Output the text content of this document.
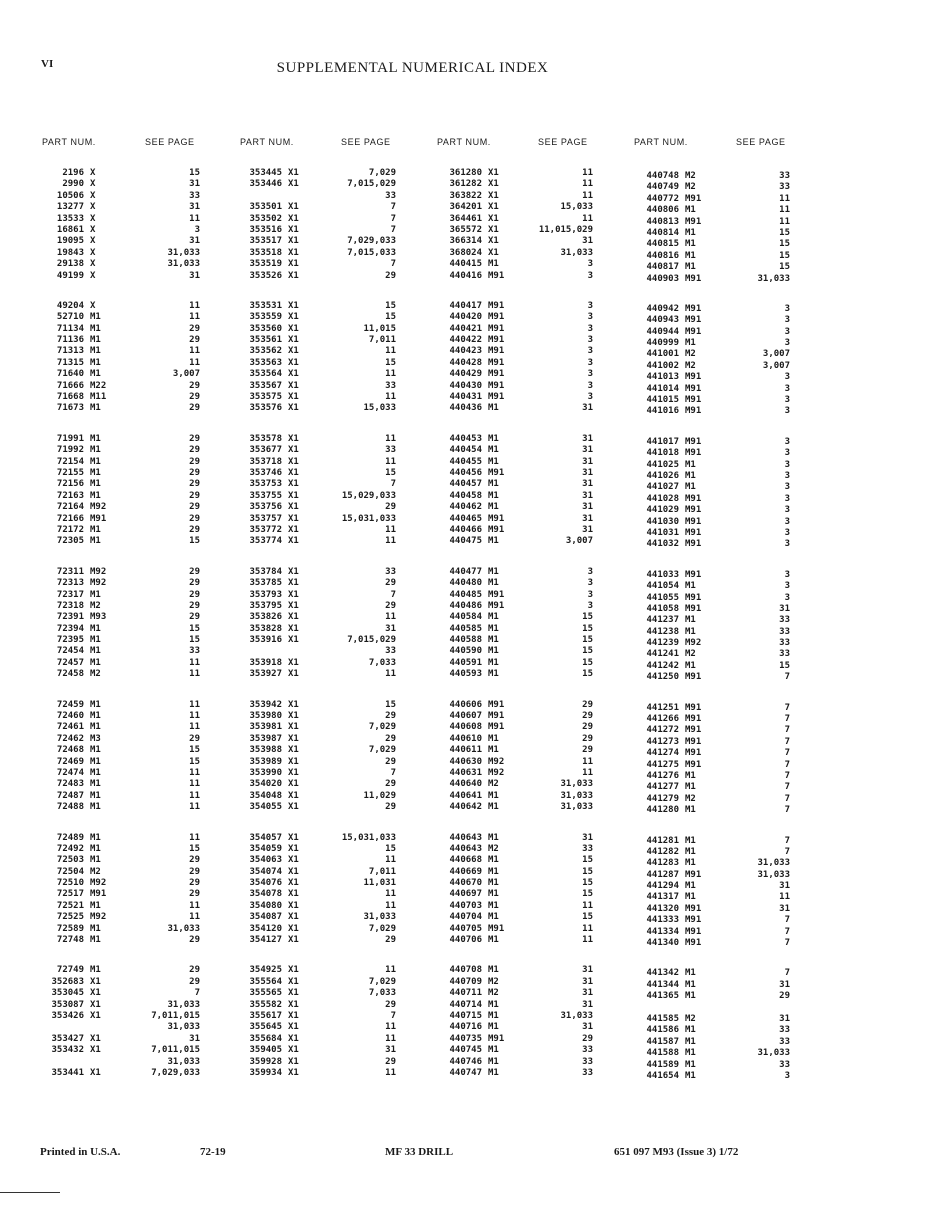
VI	SUPPLEMENTAL NUMERICAL INDEX
PART NUM.	SEE PAGE	PART NUM.	SEE PAGE	PART NUM.	SEE PAGE	PART NUM.	SEE PAGE
2196 X	15
2990 X	31
10506 X	33
13277 X	31
13533 X	11
16861 X	3
19095 X	31
19843 X	31,033
29138 X	31,033
49199 X	31
49204 X	11
52710 M1	11
71134 M1	29
71136 M1	29
71313 M1	11
71315 M1	11
71640 M1	3,007
71666 M22	29
71668 M11	29
71673 M1	29
71991 M1	29
71992 M1	29
72154 M1	29
72155 M1	29
72156 M1	29
72163 M1	29
72164 M92	29
72166 M91	29
72172 M1	29
72305 M1	15
72311 M92	29
72313 M92	29
72317 M1	29
72318 M2	29
72391 M93	29
72394 M1	15
72395 M1	15
72454 M1	33
72457 M1	11
72458 M2	11
72459 M1	11
72460 M1	11
72461 M1	11
72462 M3	29
72468 M1	15
72469 M1	15
72474 M1	11
72483 M1	11
72487 M1	11
72488 M1	11
72489 M1	11
72492 M1	15
72503 M1	29
72504 M2	29
72510 M92	29
72517 M91	29
72521 M1	11
72525 M92	11
72589 M1	31,033
72748 M1	29
72749 M1	29
352683 X1	29
353045 X1	7
353087 X1	31,033
353426 X1	7,011,015
31,033
353427 X1	31
353432 X1	7,011,015
31,033
353441 X1	7,029,033
353445 X1	7,029
353446 X1	7,015,029
33
353501 X1	7
353502 X1	7
353516 X1	7
353517 X1	7,029,033
353518 X1	7,015,033
353519 X1	7
353526 X1	29
353531 X1	15
353559 X1	15
353560 X1	11,015
353561 X1	7,011
353562 X1	11
353563 X1	15
353564 X1	11
353567 X1	33
353575 X1	11
353576 X1	15,033
353578 X1	11
353677 X1	33
353718 X1	11
353746 X1	15
353753 X1	7
353755 X1	15,029,033
353756 X1	29
353757 X1	15,031,033
353772 X1	11
353774 X1	11
353784 X1	33
353785 X1	29
353793 X1	7
353795 X1	29
353826 X1	11
353828 X1	31
353916 X1	7,015,029
33
353918 X1	7,033
353927 X1	11
353942 X1	15
353980 X1	29
353981 X1	7,029
353987 X1	29
353988 X1	7,029
353989 X1	29
353990 X1	7
354020 X1	29
354048 X1	11,029
354055 X1	29
354057 X1	15,031,033
354059 X1	15
354063 X1	11
354074 X1	7,011
354076 X1	11,031
354078 X1	11
354080 X1	11
354087 X1	31,033
354120 X1	7,029
354127 X1	29
354925 X1	11
355564 X1	7,029
355565 X1	7,033
355582 X1	29
355617 X1	7
355645 X1	11
355684 X1	11
359405 X1	31
359928 X1	29
359934 X1	11
361280 X1	11
361282 X1	11
363822 X1	11
364201 X1	15,033
364461 X1	11
365572 X1	11,015,029
366314 X1	31
368024 X1	31,033
440415 M1	3
440416 M91	3
440417 M91	3
440420 M91	3
440421 M91	3
440422 M91	3
440423 M91	3
440428 M91	3
440429 M91	3
440430 M91	3
440431 M91	3
440436 M1	31
440453 M1	31
440454 M1	31
440455 M1	31
440456 M91	31
440457 M1	31
440458 M1	31
440462 M1	31
440465 M91	31
440466 M91	31
440475 M1	3,007
440477 M1	3
440480 M1	3
440485 M91	3
440486 M91	3
440584 M1	15
440585 M1	15
440588 M1	15
440590 M1	15
440591 M1	15
440593 M1	15
440606 M91	29
440607 M91	29
440608 M91	29
440610 M1	29
440611 M1	29
440630 M92	11
440631 M92	11
440640 M2	31,033
440641 M1	31,033
440642 M1	31,033
440643 M1	31
440643 M2	33
440668 M1	15
440669 M1	15
440670 M1	15
440697 M1	15
440703 M1	11
440704 M1	15
440705 M91	11
440706 M1	11
440708 M1	31
440709 M2	31
440711 M2	31
440714 M1	31
440715 M1	31,033
440716 M1	31
440735 M91	29
440745 M1	33
440746 M1	33
440747 M1	33
440748 M2	33
440749 M2	33
440772 M91	11
440806 M1	11
440813 M91	11
440814 M1	15
440815 M1	15
440816 M1	15
440817 M1	15
440903 M91	31,033
440942 M91	3
440943 M91	3
440944 M91	3
440999 M1	3
441001 M2	3,007
441002 M2	3,007
441013 M91	3
441014 M91	3
441015 M91	3
441016 M91	3
441017 M91	3
441018 M91	3
441025 M1	3
441026 M1	3
441027 M1	3
441028 M91	3
441029 M91	3
441030 M91	3
441031 M91	3
441032 M91	3
441033 M91	3
441054 M1	3
441055 M91	3
441058 M91	31
441237 M1	33
441238 M1	33
441239 M92	33
441241 M2	33
441242 M1	15
441250 M91	7
441251 M91	7
441266 M91	7
441272 M91	7
441273 M91	7
441274 M91	7
441275 M91	7
441276 M1	7
441277 M1	7
441279 M2	7
441280 M1	7
441281 M1	7
441282 M1	7
441283 M1	31,033
441287 M91	31,033
441294 M1	31
441317 M1	11
441320 M91	31
441333 M91	7
441334 M91	7
441340 M91	7
441342 M1	7
441344 M1	31
441365 M1	29
441585 M2	31
441586 M1	33
441587 M1	33
441588 M1	31,033
441589 M1	33
441654 M1	3
Printed in U.S.A.	72-19	MF 33 DRILL	651 097 M93 (Issue 3) 1/72
